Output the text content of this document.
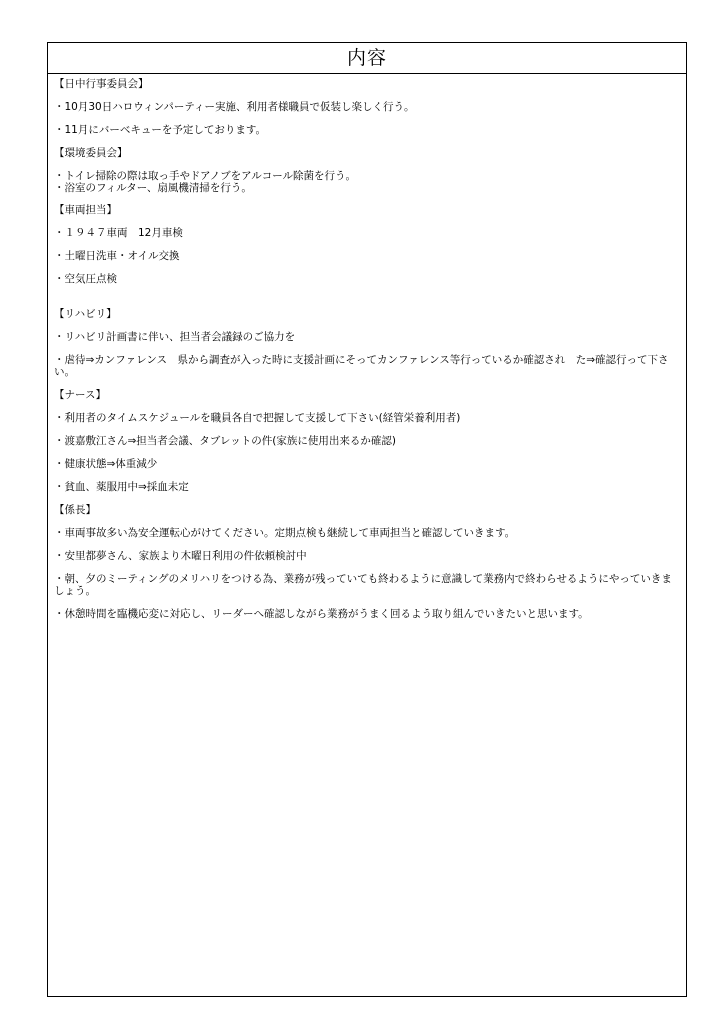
内容
【日中行事委員会】
・10月30日ハロウィンパーティー実施、利用者様職員で仮装し楽しく行う。
・11月にバーベキューを予定しております。
【環境委員会】
・トイレ掃除の際は取っ手やドアノブをアルコール除菌を行う。
・浴室のフィルター、扇風機清掃を行う。
【車両担当】
・１９４７車両　12月車検
・土曜日洗車・オイル交換
・空気圧点検
【リハビリ】
・リハビリ計画書に伴い、担当者会議録のご協力を
・虐待⇒カンファレンス　県から調査が入った時に支援計画にそってカンファレンス等行っているか確認され　た⇒確認行って下さい。
【ナース】
・利用者のタイムスケジュールを職員各自で把握して支援して下さい(経管栄養利用者)
・渡嘉敷江さん⇒担当者会議、タブレットの件(家族に使用出来るか確認)
・健康状態⇒体重減少
・貧血、薬服用中⇒採血未定
【係長】
・車両事故多い為安全運転心がけてください。定期点検も継続して車両担当と確認していきます。
・安里都夢さん、家族より木曜日利用の件依頼検討中
・朝、夕のミーティングのメリハリをつける為、業務が残っていても終わるように意識して業務内で終わらせるようにやっていきましょう。
・休憩時間を臨機応変に対応し、リーダーへ確認しながら業務がうまく回るよう取り組んでいきたいと思います。
